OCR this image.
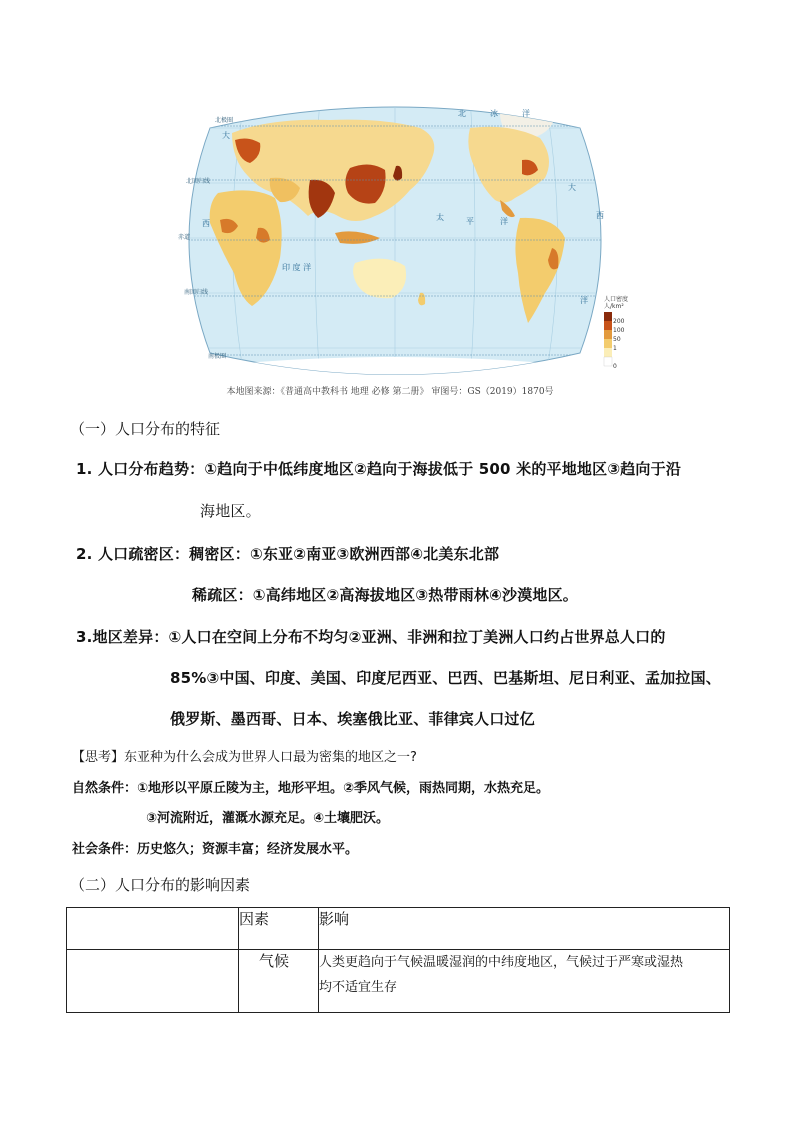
北极圈
北回归线
赤道
南回归线
南极圈
北	冰	洋
大
西
印 度 洋
太	平	洋
大
西
洋	人口密度
人/km²
200
100
50
1
0
本地图来源：《普通高中教科书 地理 必修 第二册》 审图号：GS（2019）1870号
（一）人口分布的特征
1. 人口分布趋势：①趋向于中低纬度地区②趋向于海拔低于 500 米的平地地区③趋向于沿
海地区。
2. 人口疏密区：稠密区：①东亚②南亚③欧洲西部④北美东北部
稀疏区：①高纬地区②高海拔地区③热带雨林④沙漠地区。
3.地区差异：①人口在空间上分布不均匀②亚洲、非洲和拉丁美洲人口约占世界总人口的
85%③中国、印度、美国、印度尼西亚、巴西、巴基斯坦、尼日利亚、孟加拉国、
俄罗斯、墨西哥、日本、埃塞俄比亚、菲律宾人口过亿
【思考】东亚种为什么会成为世界人口最为密集的地区之一?
自然条件：①地形以平原丘陵为主，地形平坦。②季风气候，雨热同期，水热充足。
③河流附近，灌溉水源充足。④土壤肥沃。
社会条件：历史悠久；资源丰富；经济发展水平。
（二）人口分布的影响因素
	因素	影响
	气候	人类更趋向于气候温暖湿润的中纬度地区，气候过于严寒或湿热
均不适宜生存
